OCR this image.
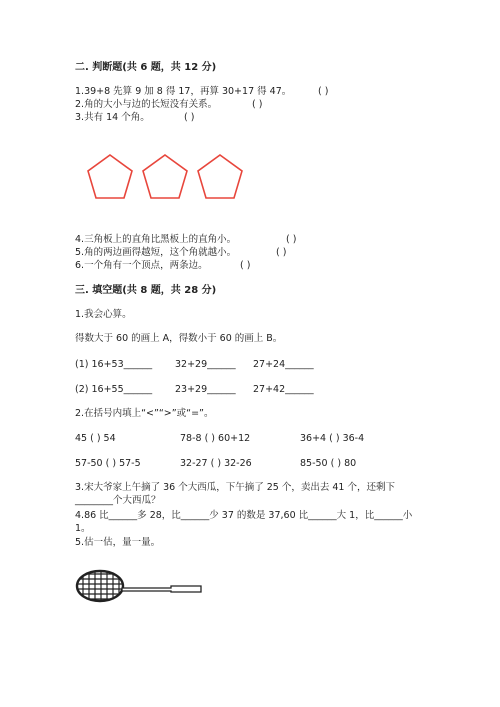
二. 判断题(共 6 题，共 12 分)
1.39+8 先算 9 加 8 得 17，再算 30+17 得 47。	( )
2.角的大小与边的长短没有关系。	( )
3.共有 14 个角。	( )
4.三角板上的直角比黑板上的直角小。	( )
5.角的两边画得越短，这个角就越小。	( )
6.一个角有一个顶点，两条边。	( )
三. 填空题(共 8 题，共 28 分)
1.我会心算。
得数大于 60 的画上 A，得数小于 60 的画上 B。
(1) 16+53______ 32+29______ 27+24______
(2) 16+55______ 23+29______ 27+42______
2.在括号内填上“<”“>”或“=”。
45 ( ) 54	78-8 ( ) 60+12	36+4 ( ) 36-4
57-50 ( ) 57-5	32-27 ( ) 32-26	85-50 ( ) 80
3.宋大爷家上午摘了 36 个大西瓜，下午摘了 25 个，卖出去 41 个，还剩下
________个大西瓜？
4.86 比______多 28，比______少 37 的数是 37,60 比______大 1，比______小
1。
5.估一估，量一量。
